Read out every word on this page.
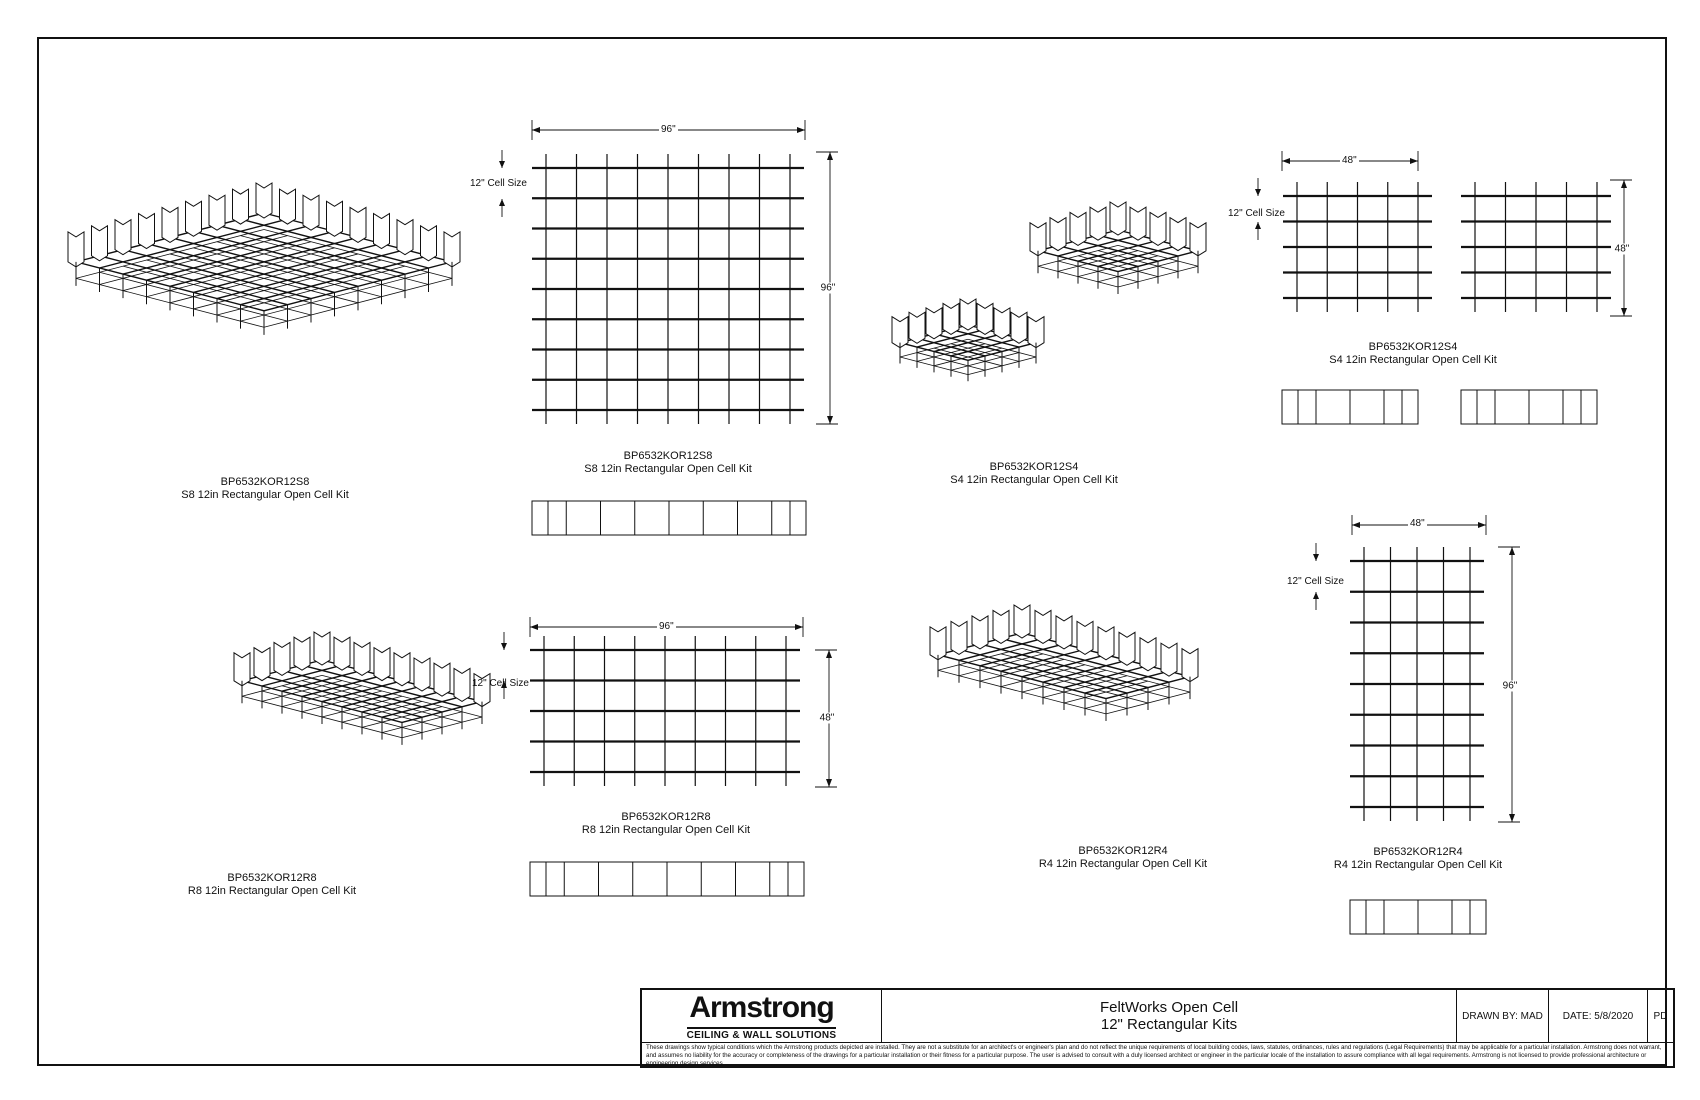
BP6532KOR12S8
S8 12in Rectangular Open Cell Kit
BP6532KOR12S8
S8 12in Rectangular Open Cell Kit	BP6532KOR12S4
S4 12in Rectangular Open Cell Kit
BP6532KOR12S4
S4 12in Rectangular Open Cell Kit
BP6532KOR12R8
R8 12in Rectangular Open Cell Kit
BP6532KOR12R8
R8 12in Rectangular Open Cell Kit
BP6532KOR12R4
R4 12in Rectangular Open Cell Kit
BP6532KOR12R4
R4 12in Rectangular Open Cell Kit
96"
96"
12" Cell Size
48"
48"
12" Cell Size
96"
48"
12" Cell Size
48"
96"
12" Cell Size
Armstrong
CEILING & WALL SOLUTIONS
FeltWorks Open Cell
12" Rectangular Kits	DRAWN BY: MAD DATE: 5/8/2020 PD
These drawings show typical conditions which the Armstrong products depicted are installed. They are not a substitute for an architect's or engineer's plan and do not reflect the unique requirements of local building codes, laws, statutes, ordinances, rules and regulations (Legal Requirements) that may be applicable for a particular installation. Armstrong does not warrant, and assumes no liability for the accuracy or completeness of the drawings for a particular installation or their fitness for a particular purpose. The user is advised to consult with a duly licensed architect or engineer in the particular locale of the installation to assure compliance with all legal requirements. Armstrong is not licensed to provide professional architecture or engineering design services.
